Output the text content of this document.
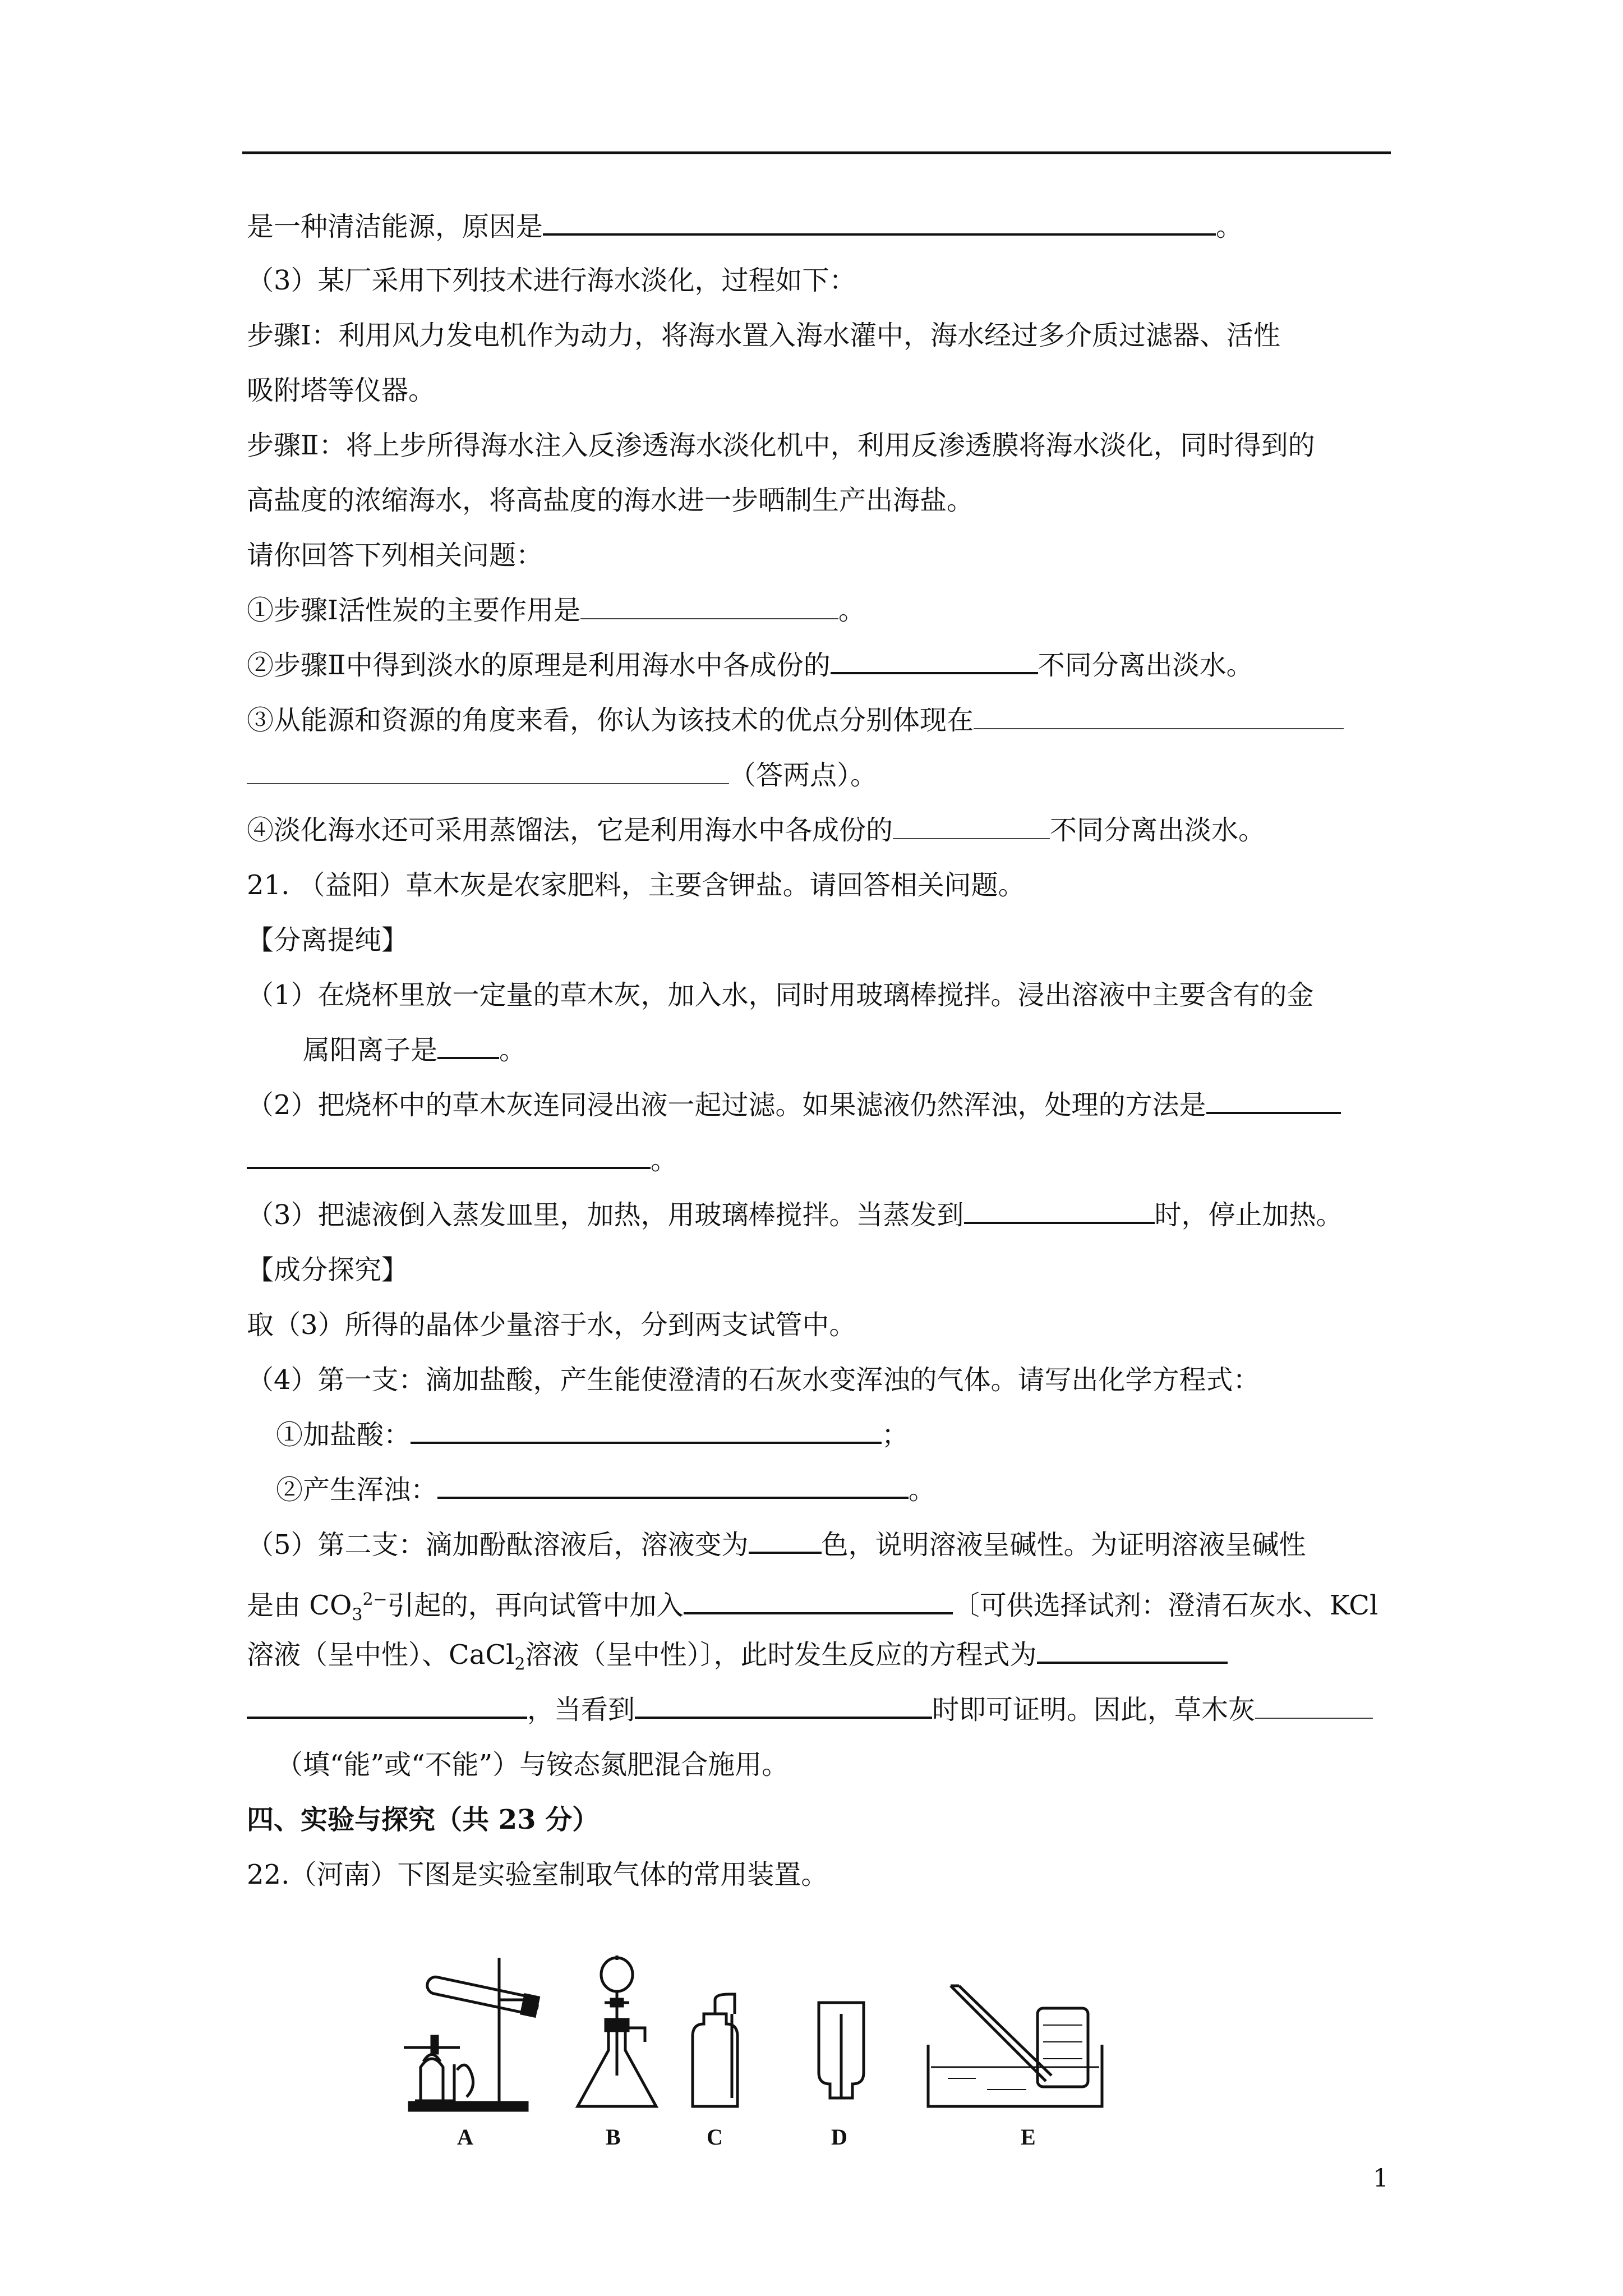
是一种清洁能源，原因是	。
（3）某厂采用下列技术进行海水淡化，过程如下：
步骤Ⅰ：利用风力发电机作为动力，将海水置入海水灌中，海水经过多介质过滤器、活性
吸附塔等仪器。
步骤Ⅱ：将上步所得海水注入反渗透海水淡化机中，利用反渗透膜将海水淡化，同时得到的
高盐度的浓缩海水，将高盐度的海水进一步晒制生产出海盐。
请你回答下列相关问题：
①步骤Ⅰ活性炭的主要作用是	。
②步骤Ⅱ中得到淡水的原理是利用海水中各成份的	不同分离出淡水。
③从能源和资源的角度来看，你认为该技术的优点分别体现在
（答两点）。
④淡化海水还可采用蒸馏法，它是利用海水中各成份的	不同分离出淡水。
21. （益阳）草木灰是农家肥料，主要含钾盐。请回答相关问题。
【分离提纯】
（1）在烧杯里放一定量的草木灰，加入水，同时用玻璃棒搅拌。浸出溶液中主要含有的金
属阳离子是 。
（2）把烧杯中的草木灰连同浸出液一起过滤。如果滤液仍然浑浊，处理的方法是
。
（3）把滤液倒入蒸发皿里，加热，用玻璃棒搅拌。当蒸发到	时，停止加热。
【成分探究】
取（3）所得的晶体少量溶于水，分到两支试管中。
（4）第一支：滴加盐酸，产生能使澄清的石灰水变浑浊的气体。请写出化学方程式：
①加盐酸：	；
②产生浑浊：	。
（5）第二支：滴加酚酞溶液后，溶液变为	色，说明溶液呈碱性。为证明溶液呈碱性
是由 $CO_3^{2-}$引起的，再向试管中加入	〔可供选择试剂：澄清石灰水、KCl
溶液（呈中性）、CaCl$_2$溶液（呈中性）〕，此时发生反应的方程式为
，当看到	时即可证明。因此，草木灰
（填“能”或“不能”）与铵态氮肥混合施用。
四、实验与探究（共 23 分）
22.（河南）下图是实验室制取气体的常用装置。
A	B	C	D	E
1
